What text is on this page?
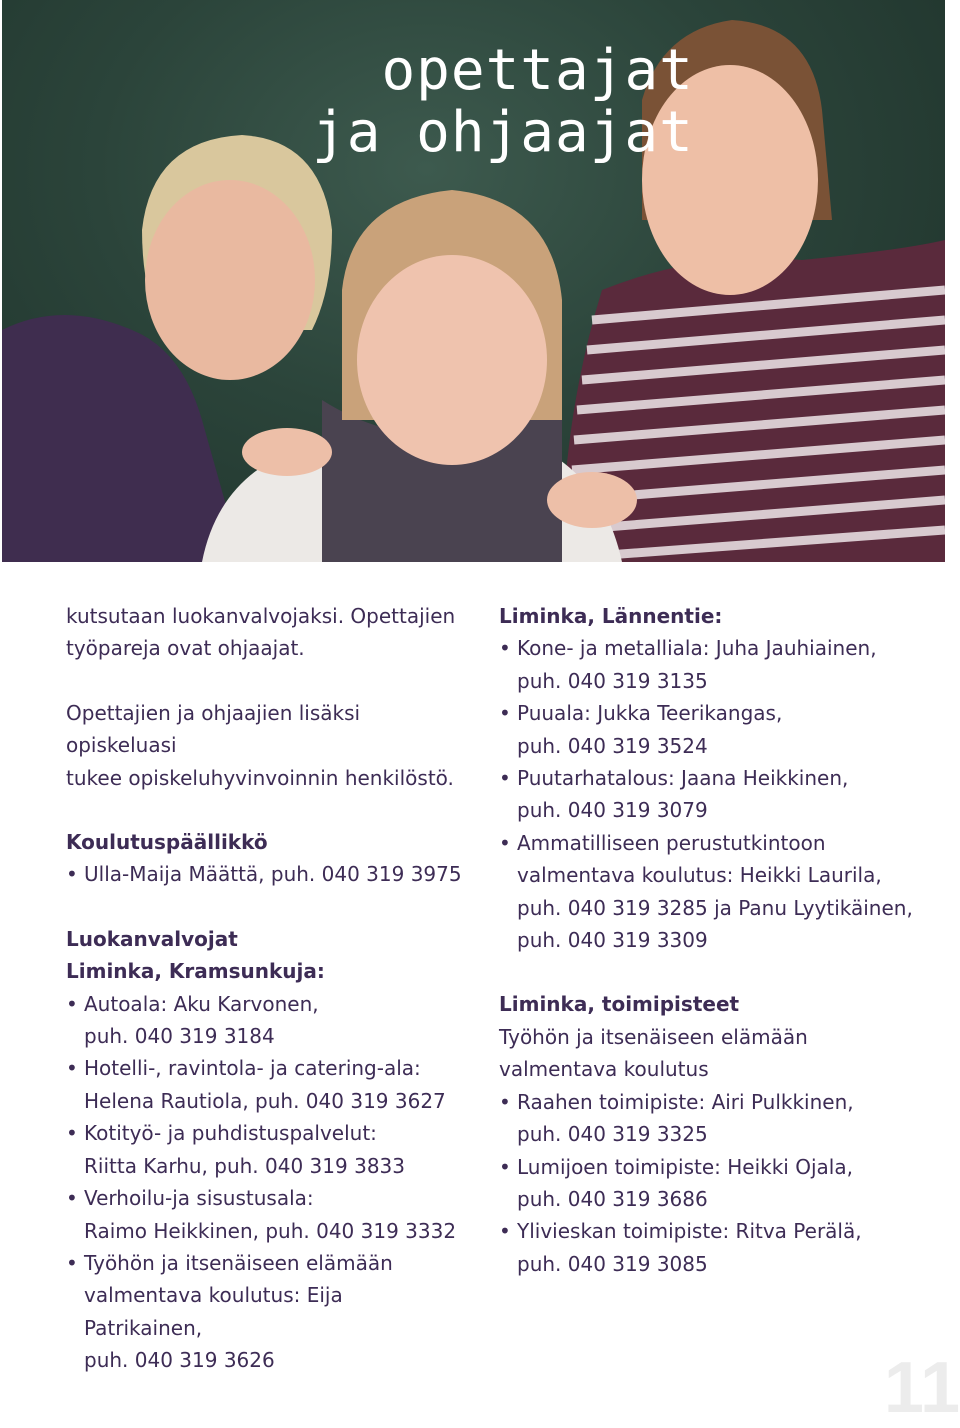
opettajat
ja ohjaajat

kutsutaan luokanvalvojaksi. Opettajien
työpareja ovat ohjaajat.

Opettajien ja ohjaajien lisäksi opiskeluasi
tukee opiskeluhyvinvoinnin henkilöstö.

Koulutuspäällikkö

• Ulla-Maija Määttä, puh. 040 319 3975

Luokanvalvojat

Liminka, Kramsunkuja:

• Autoala: Aku Karvonen,
puh. 040 319 3184
• Hotelli-, ravintola- ja catering-ala:
Helena Rautiola, puh. 040 319 3627
• Kotityö- ja puhdistuspalvelut:
Riitta Karhu, puh. 040 319 3833
• Verhoilu-ja sisustusala:
Raimo Heikkinen, puh. 040 319 3332
• Työhön ja itsenäiseen elämään
valmentava koulutus: Eija Patrikainen,
puh. 040 319 3626

Liminka, Lännentie:

• Kone- ja metalliala: Juha Jauhiainen,
puh. 040 319 3135
• Puuala: Jukka Teerikangas,
puh. 040 319 3524
• Puutarhatalous: Jaana Heikkinen,
puh. 040 319 3079
• Ammatilliseen perustutkintoon
valmentava koulutus: Heikki Laurila,
puh. 040 319 3285 ja Panu Lyytikäinen,
puh. 040 319 3309

Liminka, toimipisteet

Työhön ja itsenäiseen elämään
valmentava koulutus

• Raahen toimipiste: Airi Pulkkinen,
puh. 040 319 3325
• Lumijoen toimipiste: Heikki Ojala,
puh. 040 319 3686
• Ylivieskan toimipiste: Ritva Perälä,
puh. 040 319 3085
11
